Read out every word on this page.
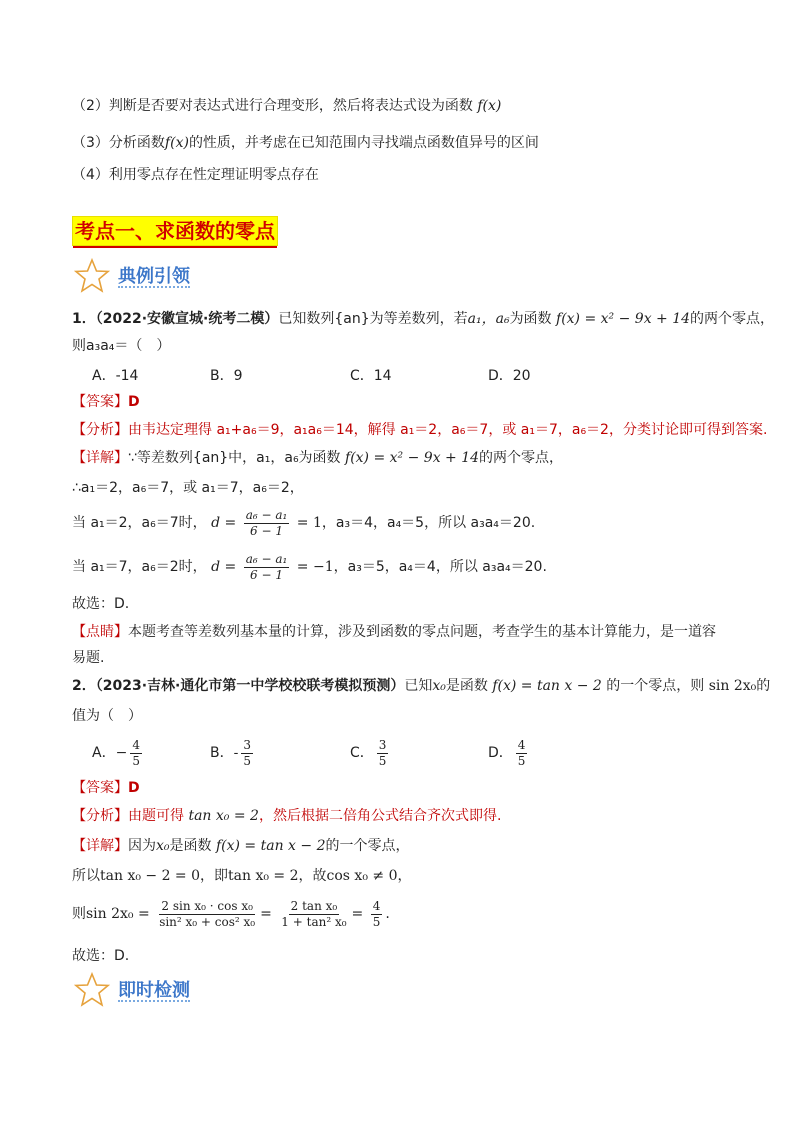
（2）判断是否要对表达式进行合理变形，然后将表达式设为函数 f(x)
（3）分析函数f(x)的性质，并考虑在已知范围内寻找端点函数值异号的区间
（4）利用零点存在性定理证明零点存在
考点一、求函数的零点
典例引领
1．（2022·安徽宣城·统考二模）已知数列{an}为等差数列，若a₁，a₆为函数 f(x) = x² − 9x + 14的两个零点，
则a₃a₄＝（　）
A．-14	B．9	C．14	D．20
【答案】D
【分析】由韦达定理得 a₁+a₆＝9，a₁a₆＝14，解得 a₁＝2，a₆＝7，或 a₁＝7，a₆＝2，分类讨论即可得到答案.
【详解】∵等差数列{an}中，a₁，a₆为函数 f(x) = x² − 9x + 14的两个零点，
∴a₁＝2，a₆＝7，或 a₁＝7，a₆＝2，
当 a₁＝2，a₆＝7时， $d = \frac{\text{a₆ − a₁}}{6 - 1} = 1$，a₃＝4，a₄＝5，所以 a₃a₄＝20.
当 a₁＝7，a₆＝2时， $d = \frac{\text{a₆ − a₁}}{6 - 1} = -1$，a₃＝5，a₄＝4，所以 a₃a₄＝20.
故选：D.
【点睛】本题考查等差数列基本量的计算，涉及到函数的零点问题，考查学生的基本计算能力，是一道容
易题.
2．（2023·吉林·通化市第一中学校校联考模拟预测）已知x₀是函数 f(x) = tan x − 2 的一个零点，则 sin 2x₀的
值为（　）
A．− $\frac{4}{5}$	B．- $\frac{3}{5}$	C． $\frac{3}{5}$	D． $\frac{4}{5}$
【答案】D
【分析】由题可得 tan x₀ = 2，然后根据二倍角公式结合齐次式即得.
【详解】因为x₀是函数 f(x) = tan x − 2的一个零点，
所以tan x₀ − 2 = 0，即tan x₀ = 2，故cos x₀ ≠ 0，
则$\sin 2x_0 = \frac{\text{2 sin x₀ · cos x₀}}{\text{sin² x₀ + cos² x₀}} = \frac{\text{2 tan x₀}}{\text{1 + tan² x₀}} = \frac{4}{5}$ .
故选：D.
即时检测
